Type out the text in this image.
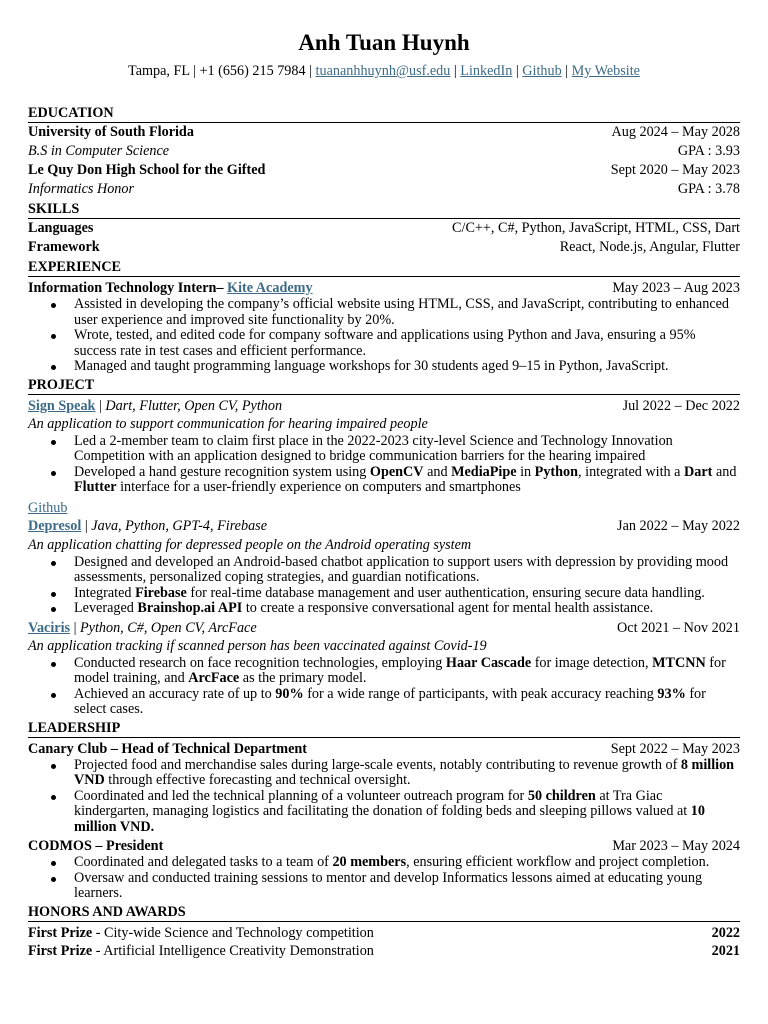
Anh Tuan Huynh
Tampa, FL | +1 (656) 215 7984 | tuananhhuynh@usf.edu | LinkedIn | Github | My Website
EDUCATION
University of South Florida	Aug 2024 – May 2028
B.S in Computer Science	GPA : 3.93
Le Quy Don High School for the Gifted	Sept 2020 – May 2023
Informatics Honor	GPA : 3.78
SKILLS
Languages	C/C++, C#, Python, JavaScript, HTML, CSS, Dart
Framework	React, Node.js, Angular, Flutter
EXPERIENCE
Information Technology Intern– Kite Academy	May 2023 – Aug 2023
Assisted in developing the company’s official website using HTML, CSS, and JavaScript, contributing to enhanced user experience and improved site functionality by 20%.
Wrote, tested, and edited code for company software and applications using Python and Java, ensuring a 95% success rate in test cases and efficient performance.
Managed and taught programming language workshops for 30 students aged 9–15 in Python, JavaScript.
PROJECT
Sign Speak | Dart, Flutter, Open CV, Python	Jul 2022 – Dec 2022
An application to support communication for hearing impaired people
Led a 2-member team to claim first place in the 2022-2023 city-level Science and Technology Innovation Competition with an application designed to bridge communication barriers for the hearing impaired
Developed a hand gesture recognition system using OpenCV and MediaPipe in Python, integrated with a Dart and Flutter interface for a user-friendly experience on computers and smartphones
Github
Depresol | Java, Python, GPT-4, Firebase	Jan 2022 – May 2022
An application chatting for depressed people on the Android operating system
Designed and developed an Android-based chatbot application to support users with depression by providing mood assessments, personalized coping strategies, and guardian notifications.
Integrated Firebase for real-time database management and user authentication, ensuring secure data handling.
Leveraged Brainshop.ai API to create a responsive conversational agent for mental health assistance.
Vaciris | Python, C#, Open CV, ArcFace	Oct 2021 – Nov 2021
An application tracking if scanned person has been vaccinated against Covid-19
Conducted research on face recognition technologies, employing Haar Cascade for image detection, MTCNN for model training, and ArcFace as the primary model.
Achieved an accuracy rate of up to 90% for a wide range of participants, with peak accuracy reaching 93% for select cases.
LEADERSHIP
Canary Club – Head of Technical Department	Sept 2022 – May 2023
Projected food and merchandise sales during large-scale events, notably contributing to revenue growth of 8 million VND through effective forecasting and technical oversight.
Coordinated and led the technical planning of a volunteer outreach program for 50 children at Tra Giac kindergarten, managing logistics and facilitating the donation of folding beds and sleeping pillows valued at 10 million VND.
CODMOS – President	Mar 2023 – May 2024
Coordinated and delegated tasks to a team of 20 members, ensuring efficient workflow and project completion.
Oversaw and conducted training sessions to mentor and develop Informatics lessons aimed at educating young learners.
HONORS AND AWARDS
First Prize - City-wide Science and Technology competition	2022
First Prize - Artificial Intelligence Creativity Demonstration	2021
